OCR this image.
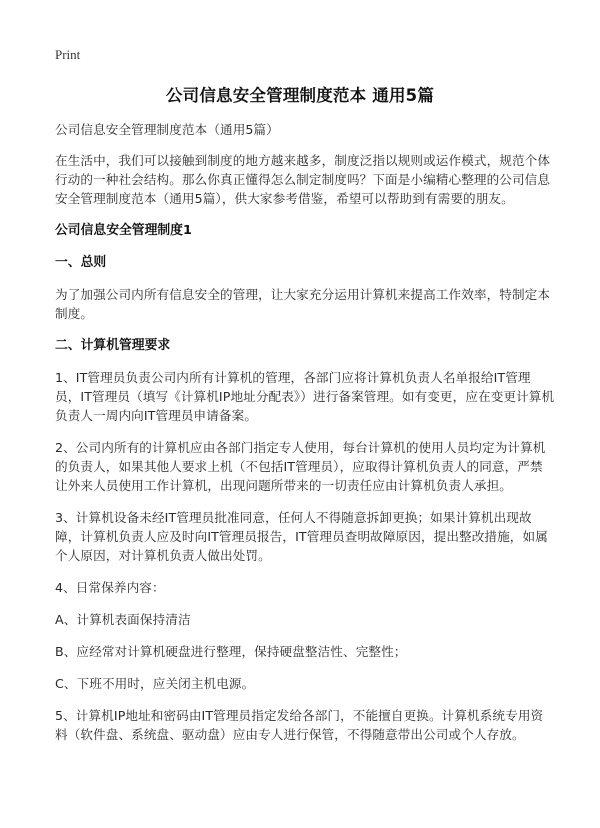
Print
公司信息安全管理制度范本 通用5篇

公司信息安全管理制度范本（通用5篇）

在生活中，我们可以接触到制度的地方越来越多，制度泛指以规则或运作模式，规范个体行动的一种社会结构。那么你真正懂得怎么制定制度吗？下面是小编精心整理的公司信息安全管理制度范本（通用5篇），供大家参考借鉴，希望可以帮助到有需要的朋友。

公司信息安全管理制度1

一、总则

为了加强公司内所有信息安全的管理，让大家充分运用计算机来提高工作效率，特制定本制度。

二、计算机管理要求

1、IT管理员负责公司内所有计算机的管理，各部门应将计算机负责人名单报给IT管理员，IT管理员（填写《计算机IP地址分配表》）进行备案管理。如有变更，应在变更计算机负责人一周内向IT管理员申请备案。

2、公司内所有的计算机应由各部门指定专人使用，每台计算机的使用人员均定为计算机的负责人，如果其他人要求上机（不包括IT管理员），应取得计算机负责人的同意，严禁让外来人员使用工作计算机，出现问题所带来的一切责任应由计算机负责人承担。

3、计算机设备未经IT管理员批准同意，任何人不得随意拆卸更换；如果计算机出现故障，计算机负责人应及时向IT管理员报告，IT管理员查明故障原因，提出整改措施，如属个人原因，对计算机负责人做出处罚。

4、日常保养内容：

A、计算机表面保持清洁

B、应经常对计算机硬盘进行整理，保持硬盘整洁性、完整性；

C、下班不用时，应关闭主机电源。

5、计算机IP地址和密码由IT管理员指定发给各部门，不能擅自更换。计算机系统专用资料（软件盘、系统盘、驱动盘）应由专人进行保管，不得随意带出公司或个人存放。
